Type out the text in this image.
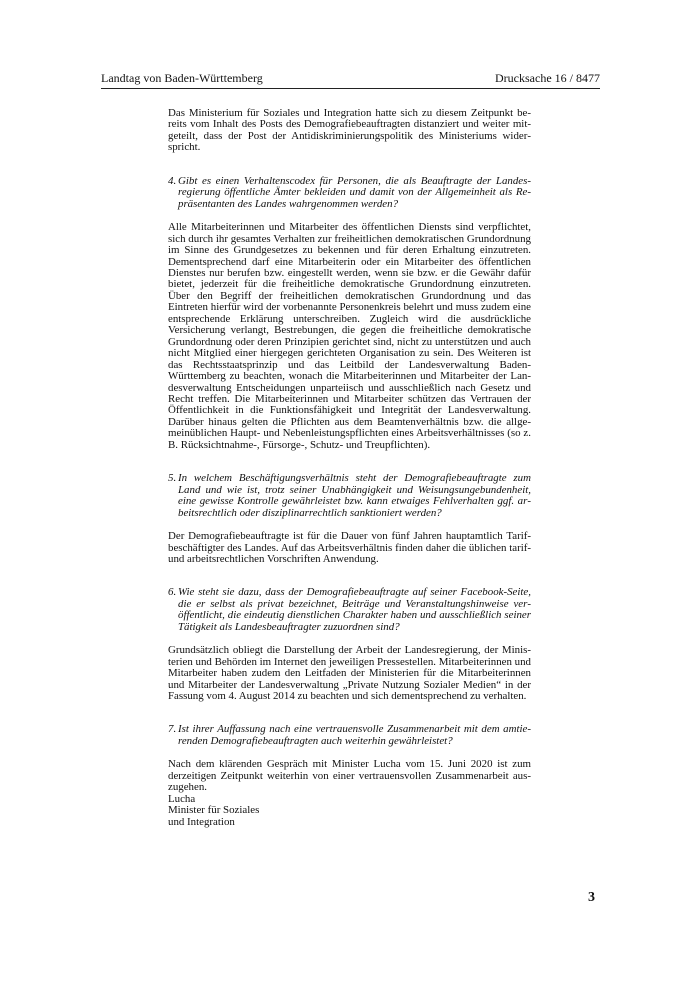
Landtag von Baden-Württemberg	Drucksache 16 / 8477

Das Ministerium für Soziales und Integration hatte sich zu diesem Zeitpunkt bereits vom Inhalt des Posts des Demografiebeauftragten distanziert und weiter mitgeteilt, dass der Post der Antidiskriminierungspolitik des Ministeriums widerspricht.

4. Gibt es einen Verhaltenscodex für Personen, die als Beauftragte der Landesregierung öffentliche Ämter bekleiden und damit von der Allgemeinheit als Repräsentanten des Landes wahrgenommen werden?

Alle Mitarbeiterinnen und Mitarbeiter des öffentlichen Diensts sind verpflichtet, sich durch ihr gesamtes Verhalten zur freiheitlichen demokratischen Grundordnung im Sinne des Grundgesetzes zu bekennen und für deren Erhaltung einzutreten. Dementsprechend darf eine Mitarbeiterin oder ein Mitarbeiter des öffentlichen Dienstes nur berufen bzw. eingestellt werden, wenn sie bzw. er die Gewähr dafür bietet, jederzeit für die freiheitliche demokratische Grundordnung einzutreten. Über den Begriff der freiheitlichen demokratischen Grundordnung und das Eintreten hierfür wird der vorbenannte Personenkreis belehrt und muss zudem eine entsprechende Erklärung unterschreiben. Zugleich wird die ausdrückliche Versicherung verlangt, Bestrebungen, die gegen die freiheitliche demokratische Grundordnung oder deren Prinzipien gerichtet sind, nicht zu unterstützen und auch nicht Mitglied einer hiergegen gerichteten Organisation zu sein. Des Weiteren ist das Rechtsstaatsprinzip und das Leitbild der Landesverwaltung Baden-Württemberg zu beachten, wonach die Mitarbeiterinnen und Mitarbeiter der Landesverwaltung Entscheidungen unparteiisch und ausschließlich nach Gesetz und Recht treffen. Die Mitarbeiterinnen und Mitarbeiter schützen das Vertrauen der Öffentlichkeit in die Funktionsfähigkeit und Integrität der Landesverwaltung. Darüber hinaus gelten die Pflichten aus dem Beamtenverhältnis bzw. die allgemeinüblichen Haupt- und Nebenleistungspflichten eines Arbeitsverhältnisses (so z. B. Rücksichtnahme-, Fürsorge-, Schutz- und Treupflichten).

5. In welchem Beschäftigungsverhältnis steht der Demografiebeauftragte zum Land und wie ist, trotz seiner Unabhängigkeit und Weisungsungebundenheit, eine gewisse Kontrolle gewährleistet bzw. kann etwaiges Fehlverhalten ggf. arbeitsrechtlich oder disziplinarrechtlich sanktioniert werden?

Der Demografiebeauftragte ist für die Dauer von fünf Jahren hauptamtlich Tarifbeschäftigter des Landes. Auf das Arbeitsverhältnis finden daher die üblichen tarif- und arbeitsrechtlichen Vorschriften Anwendung.

6. Wie steht sie dazu, dass der Demografiebeauftragte auf seiner Facebook-Seite, die er selbst als privat bezeichnet, Beiträge und Veranstaltungshinweise veröffentlicht, die eindeutig dienstlichen Charakter haben und ausschließlich seiner Tätigkeit als Landesbeauftragter zuzuordnen sind?

Grundsätzlich obliegt die Darstellung der Arbeit der Landesregierung, der Ministerien und Behörden im Internet den jeweiligen Pressestellen. Mitarbeiterinnen und Mitarbeiter haben zudem den Leitfaden der Ministerien für die Mitarbeiterinnen und Mitarbeiter der Landesverwaltung „Private Nutzung Sozialer Medien“ in der Fassung vom 4. August 2014 zu beachten und sich dementsprechend zu verhalten.

7. Ist ihrer Auffassung nach eine vertrauensvolle Zusammenarbeit mit dem amtierenden Demografiebeauftragten auch weiterhin gewährleistet?

Nach dem klärenden Gespräch mit Minister Lucha vom 15. Juni 2020 ist zum derzeitigen Zeitpunkt weiterhin von einer vertrauensvollen Zusammenarbeit auszugehen.

Lucha

Minister für Soziales

und Integration

3
